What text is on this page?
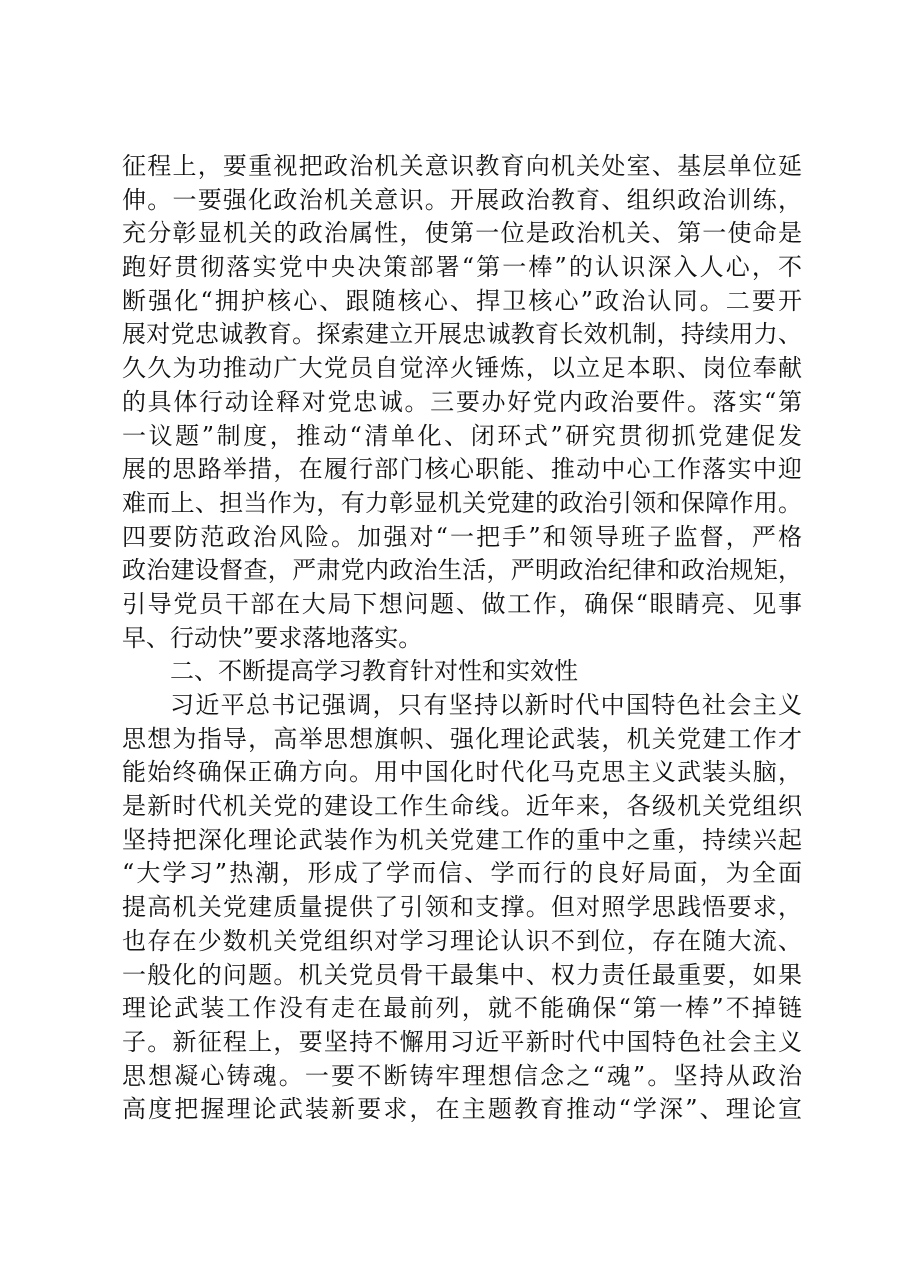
征程上，要重视把政治机关意识教育向机关处室、基层单位延
伸。一要强化政治机关意识。开展政治教育、组织政治训练，
充分彰显机关的政治属性，使第一位是政治机关、第一使命是
跑好贯彻落实党中央决策部署“第一棒”的认识深入人心，不
断强化“拥护核心、跟随核心、捍卫核心”政治认同。二要开
展对党忠诚教育。探索建立开展忠诚教育长效机制，持续用力、
久久为功推动广大党员自觉淬火锤炼，以立足本职、岗位奉献
的具体行动诠释对党忠诚。三要办好党内政治要件。落实“第
一议题”制度，推动“清单化、闭环式”研究贯彻抓党建促发
展的思路举措，在履行部门核心职能、推动中心工作落实中迎
难而上、担当作为，有力彰显机关党建的政治引领和保障作用。
四要防范政治风险。加强对“一把手”和领导班子监督，严格
政治建设督查，严肃党内政治生活，严明政治纪律和政治规矩，
引导党员干部在大局下想问题、做工作，确保“眼睛亮、见事
早、行动快”要求落地落实。
二、不断提高学习教育针对性和实效性
习近平总书记强调，只有坚持以新时代中国特色社会主义
思想为指导，高举思想旗帜、强化理论武装，机关党建工作才
能始终确保正确方向。用中国化时代化马克思主义武装头脑，
是新时代机关党的建设工作生命线。近年来，各级机关党组织
坚持把深化理论武装作为机关党建工作的重中之重，持续兴起
“大学习”热潮，形成了学而信、学而行的良好局面，为全面
提高机关党建质量提供了引领和支撑。但对照学思践悟要求，
也存在少数机关党组织对学习理论认识不到位，存在随大流、
一般化的问题。机关党员骨干最集中、权力责任最重要，如果
理论武装工作没有走在最前列，就不能确保“第一棒”不掉链
子。新征程上，要坚持不懈用习近平新时代中国特色社会主义
思想凝心铸魂。一要不断铸牢理想信念之“魂”。坚持从政治
高度把握理论武装新要求，在主题教育推动“学深”、理论宣
